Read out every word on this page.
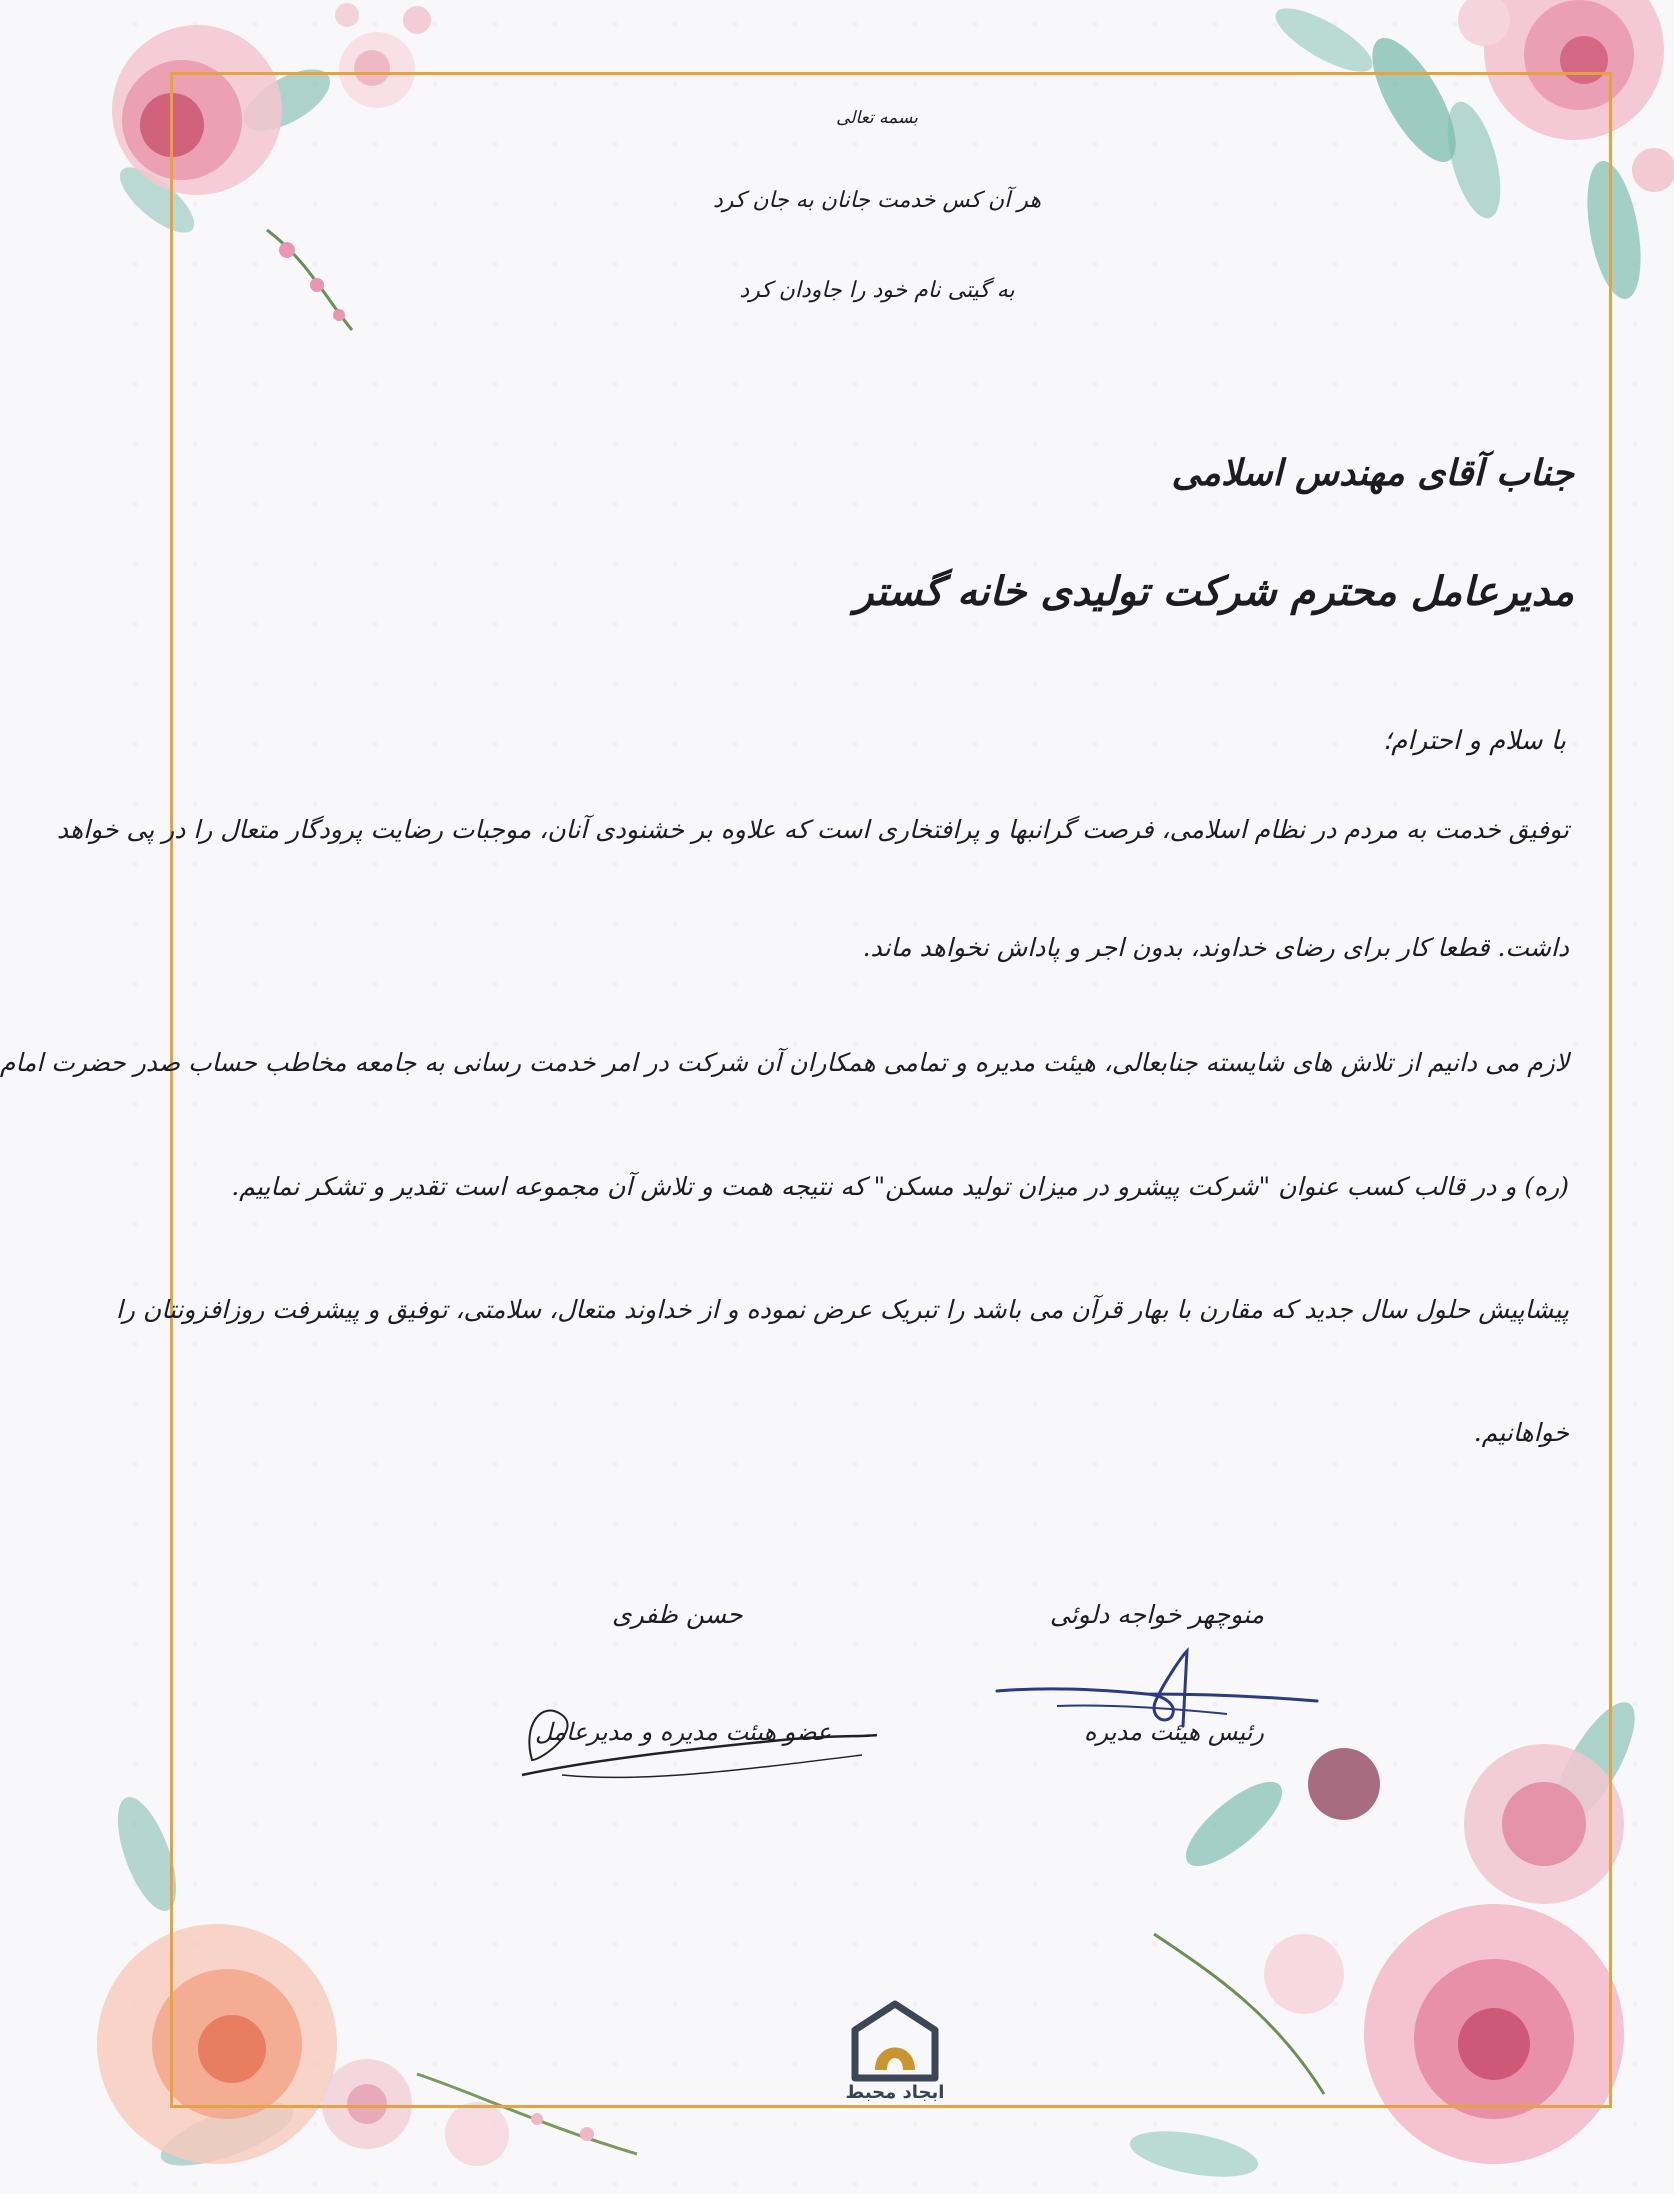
بسمه تعالی
هر آن کس خدمت جانان به جان کرد
به گیتی نام خود را جاودان کرد
جناب آقای مهندس اسلامی
مدیرعامل محترم شرکت تولیدی خانه گستر
با سلام و احترام؛
توفیق خدمت به مردم در نظام اسلامی، فرصت گرانبها و پرافتخاری است که علاوه بر خشنودی آنان، موجبات رضایت پرودگار متعال را در پی خواهد
داشت. قطعا کار برای رضای خداوند، بدون اجر و پاداش نخواهد ماند.
لازم می دانیم از تلاش های شایسته جنابعالی، هیئت مدیره و تمامی همکاران آن شرکت در امر خدمت رسانی به جامعه مخاطب حساب صدر حضرت امام
(ره) و در قالب کسب عنوان "شرکت پیشرو در میزان تولید مسکن" که نتیجه همت و تلاش آن مجموعه است تقدیر و تشکر نماییم.
پیشاپیش حلول سال جدید که مقارن با بهار قرآن می باشد را تبریک عرض نموده و از خداوند متعال، سلامتی، توفیق و پیشرفت روزافزونتان را
خواهانیم.
منوچهر خواجه دلوئی
حسن ظفری
رئیس هیئت مدیره
عضو هیئت مدیره و مدیرعامل
ابجاد محبط
